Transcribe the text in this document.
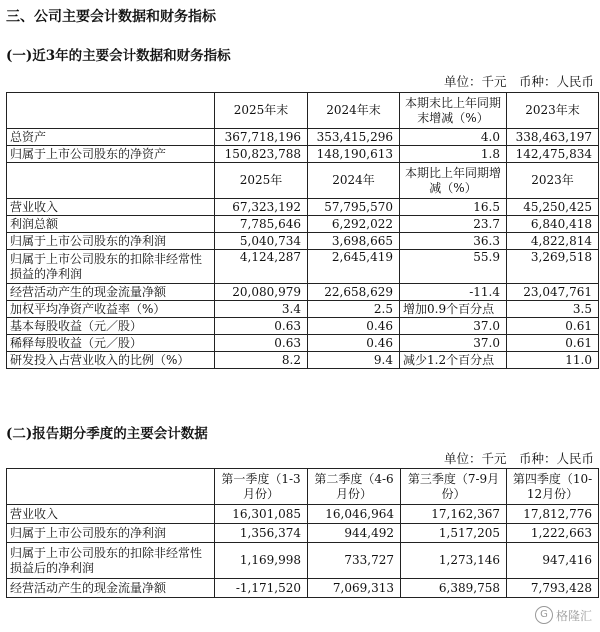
三、公司主要会计数据和财务指标
(一)近3年的主要会计数据和财务指标
单位：千元　币种：人民币
	2025年末	2024年末	本期末比上年同期末增减（%）	2023年末
总资产	367,718,196	353,415,296	4.0	338,463,197
归属于上市公司股东的净资产	150,823,788	148,190,613	1.8	142,475,834
	2025年	2024年	本期比上年同期增减（%）	2023年
营业收入	67,323,192	57,795,570	16.5	45,250,425
利润总额	7,785,646	6,292,022	23.7	6,840,418
归属于上市公司股东的净利润	5,040,734	3,698,665	36.3	4,822,814
归属于上市公司股东的扣除非经常性损益的净利润	4,124,287	2,645,419	55.9	3,269,518
经营活动产生的现金流量净额	20,080,979	22,658,629	-11.4	23,047,761
加权平均净资产收益率（%）	3.4	2.5	增加0.9个百分点	3.5
基本每股收益（元／股）	0.63	0.46	37.0	0.61
稀释每股收益（元／股）	0.63	0.46	37.0	0.61
研发投入占营业收入的比例（%）	8.2	9.4	减少1.2个百分点	11.0
(二)报告期分季度的主要会计数据
单位：千元　币种：人民币
	第一季度（1-3月份）	第二季度（4-6月份）	第三季度（7-9月份）	第四季度（10-12月份）
营业收入	16,301,085	16,046,964	17,162,367	17,812,776
归属于上市公司股东的净利润	1,356,374	944,492	1,517,205	1,222,663
归属于上市公司股东的扣除非经常性损益后的净利润	1,169,998	733,727	1,273,146	947,416
经营活动产生的现金流量净额	-1,171,520	7,069,313	6,389,758	7,793,428
G 格隆汇
